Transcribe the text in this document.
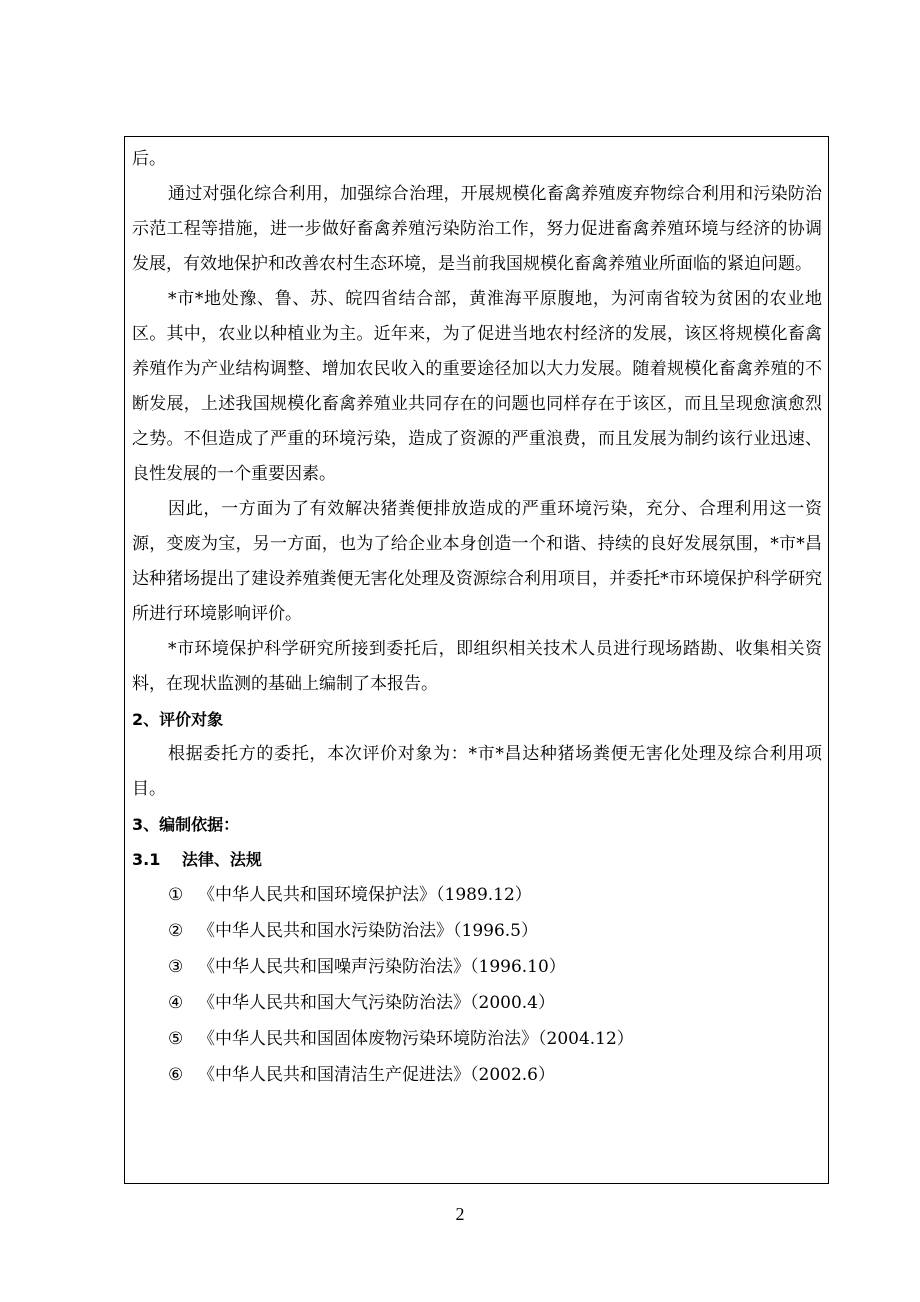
后。

通过对强化综合利用，加强综合治理，开展规模化畜禽养殖废弃物综合利用和污染防治示范工程等措施，进一步做好畜禽养殖污染防治工作，努力促进畜禽养殖环境与经济的协调发展，有效地保护和改善农村生态环境，是当前我国规模化畜禽养殖业所面临的紧迫问题。

*市*地处豫、鲁、苏、皖四省结合部，黄淮海平原腹地，为河南省较为贫困的农业地区。其中，农业以种植业为主。近年来，为了促进当地农村经济的发展，该区将规模化畜禽养殖作为产业结构调整、增加农民收入的重要途径加以大力发展。随着规模化畜禽养殖的不断发展，上述我国规模化畜禽养殖业共同存在的问题也同样存在于该区，而且呈现愈演愈烈之势。不但造成了严重的环境污染，造成了资源的严重浪费，而且发展为制约该行业迅速、良性发展的一个重要因素。

因此，一方面为了有效解决猪粪便排放造成的严重环境污染，充分、合理利用这一资源，变废为宝，另一方面，也为了给企业本身创造一个和谐、持续的良好发展氛围，*市*昌达种猪场提出了建设养殖粪便无害化处理及资源综合利用项目，并委托*市环境保护科学研究所进行环境影响评价。

*市环境保护科学研究所接到委托后，即组织相关技术人员进行现场踏勘、收集相关资料，在现状监测的基础上编制了本报告。

2、评价对象

根据委托方的委托，本次评价对象为：*市*昌达种猪场粪便无害化处理及综合利用项目。

3、编制依据：

3.1　 法律、法规

① 《中华人民共和国环境保护法》（1989.12）
② 《中华人民共和国水污染防治法》（1996.5）
③ 《中华人民共和国噪声污染防治法》（1996.10）
④ 《中华人民共和国大气污染防治法》（2000.4）
⑤ 《中华人民共和国固体废物污染环境防治法》（2004.12）
⑥ 《中华人民共和国清洁生产促进法》（2002.6）
2
